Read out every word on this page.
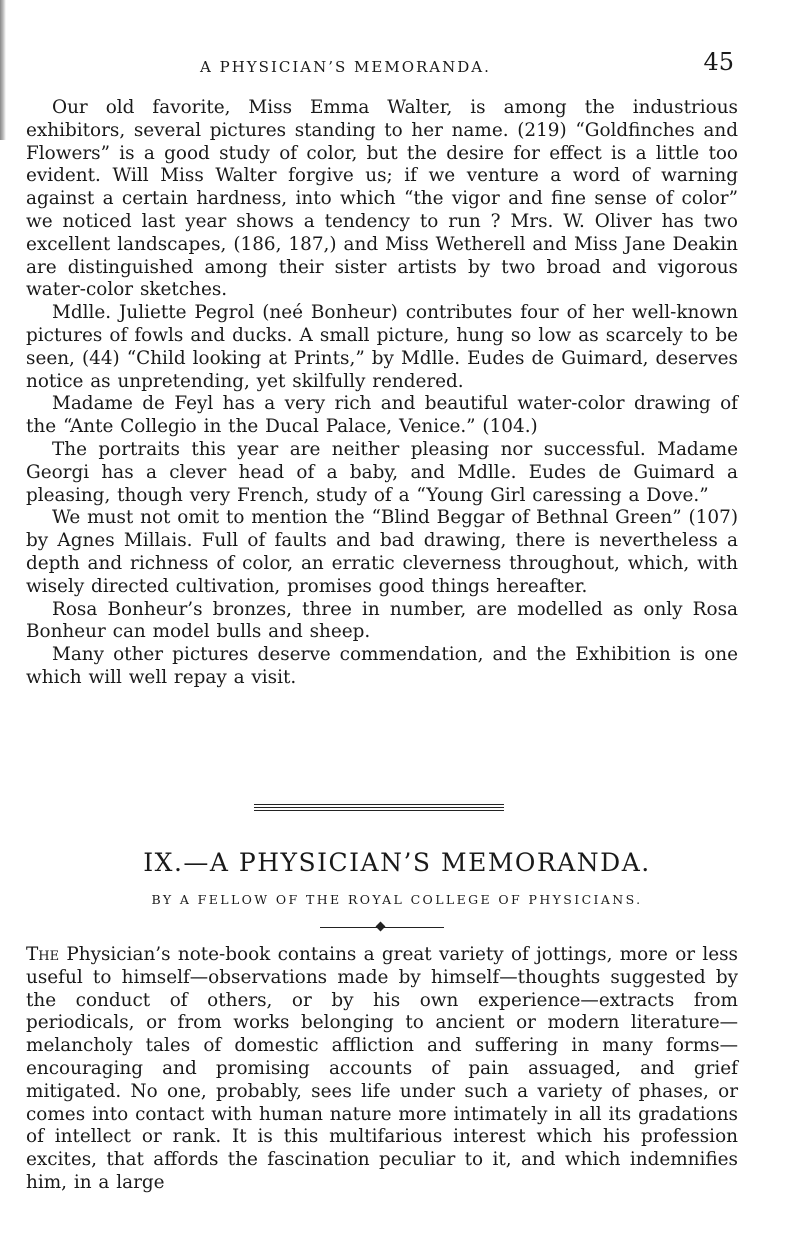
A PHYSICIAN’S MEMORANDA.	45

Our old favorite, Miss Emma Walter, is among the industrious exhibitors, several pictures standing to her name. (219) “Goldfinches and Flowers” is a good study of color, but the desire for effect is a little too evident. Will Miss Walter forgive us; if we venture a word of warning against a certain hardness, into which “the vigor and fine sense of color” we noticed last year shows a tendency to run ? Mrs. W. Oliver has two excellent landscapes, (186, 187,) and Miss Wetherell and Miss Jane Deakin are distinguished among their sister artists by two broad and vigorous water-color sketches.

Mdlle. Juliette Pegrol (neé Bonheur) contributes four of her well-known pictures of fowls and ducks. A small picture, hung so low as scarcely to be seen, (44) “Child looking at Prints,” by Mdlle. Eudes de Guimard, deserves notice as unpretending, yet skilfully rendered.

Madame de Feyl has a very rich and beautiful water-color drawing of the “Ante Collegio in the Ducal Palace, Venice.” (104.)

The portraits this year are neither pleasing nor successful. Madame Georgi has a clever head of a baby, and Mdlle. Eudes de Guimard a pleasing, though very French, study of a “Young Girl caressing a Dove.”

We must not omit to mention the “Blind Beggar of Bethnal Green” (107) by Agnes Millais. Full of faults and bad drawing, there is nevertheless a depth and richness of color, an erratic cleverness throughout, which, with wisely directed cultivation, promises good things hereafter.

Rosa Bonheur’s bronzes, three in number, are modelled as only Rosa Bonheur can model bulls and sheep.

Many other pictures deserve commendation, and the Exhibition is one which will well repay a visit.

IX.—A PHYSICIAN’S MEMORANDA.
BY A FELLOW OF THE ROYAL COLLEGE OF PHYSICIANS.

The Physician’s note-book contains a great variety of jottings, more or less useful to himself—observations made by himself—thoughts suggested by the conduct of others, or by his own experience—extracts from periodicals, or from works belonging to ancient or modern literature—melancholy tales of domestic affliction and suffering in many forms—encouraging and promising accounts of pain assuaged, and grief mitigated. No one, probably, sees life under such a variety of phases, or comes into contact with human nature more intimately in all its gradations of intellect or rank. It is this multifarious interest which his profession excites, that affords the fascination peculiar to it, and which indemnifies him, in a large
